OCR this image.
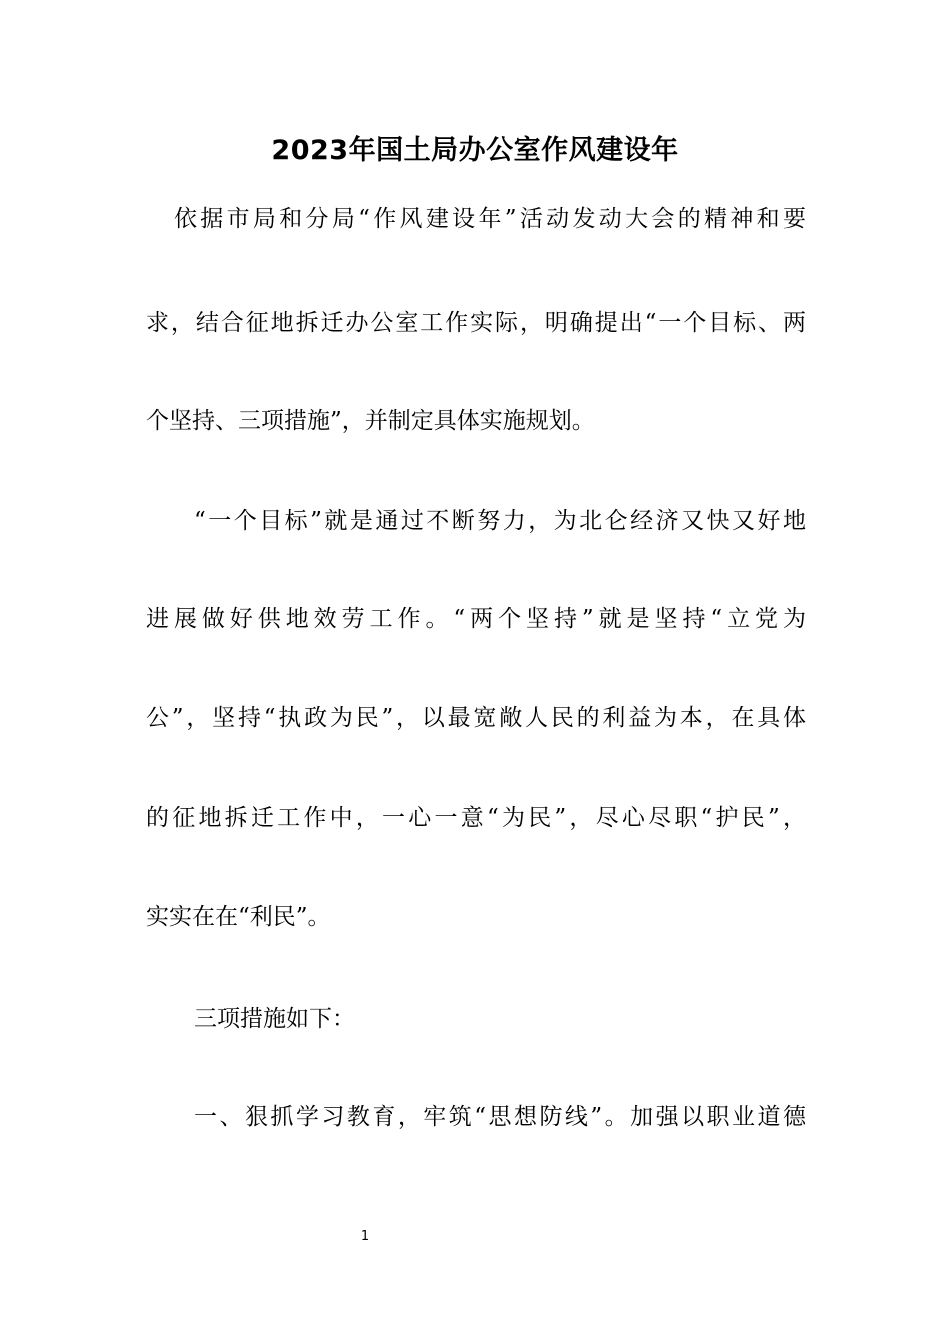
2023年国土局办公室作风建设年
依据市局和分局“作风建设年”活动发动大会的精神和要
求，结合征地拆迁办公室工作实际，明确提出“一个目标、两
个坚持、三项措施”，并制定具体实施规划。
“一个目标”就是通过不断努力，为北仑经济又快又好地
进展做好供地效劳工作。“两个坚持”就是坚持“立党为
公”，坚持“执政为民”，以最宽敞人民的利益为本，在具体
的征地拆迁工作中，一心一意“为民”，尽心尽职“护民”，
实实在在“利民”。
三项措施如下：
一、狠抓学习教育，牢筑“思想防线”。加强以职业道德
1
